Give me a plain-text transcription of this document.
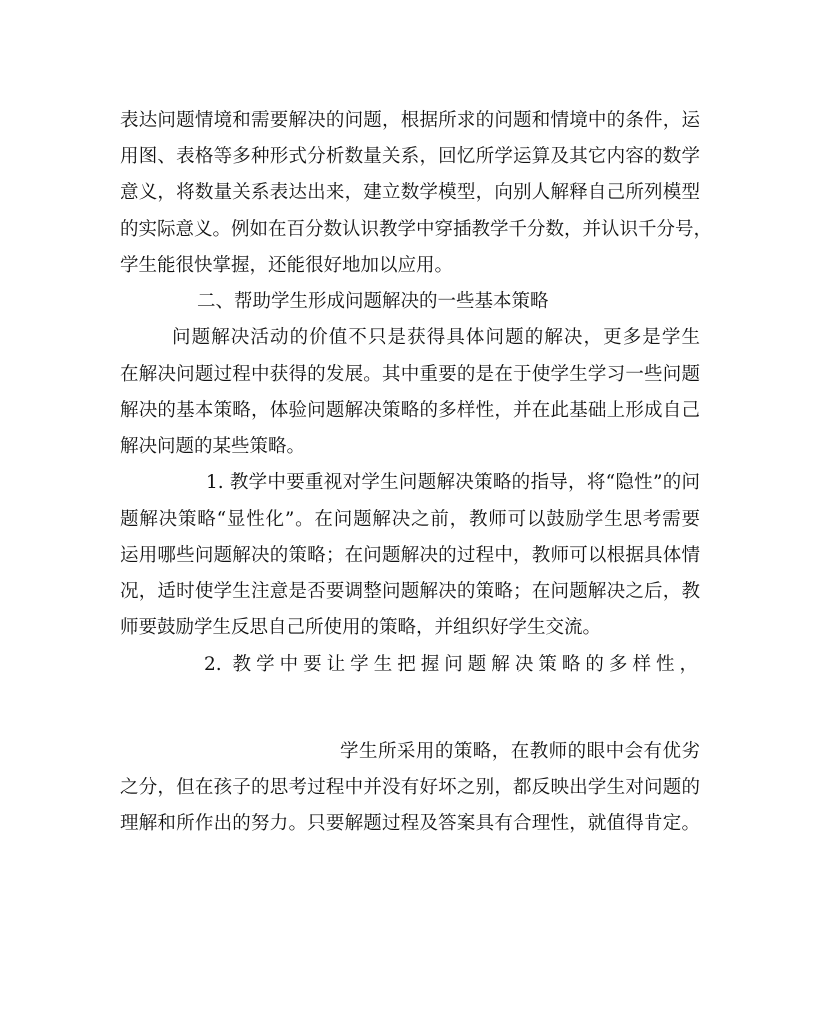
表达问题情境和需要解决的问题，根据所求的问题和情境中的条件，运
用图、表格等多种形式分析数量关系，回忆所学运算及其它内容的数学
意义，将数量关系表达出来，建立数学模型，向别人解释自己所列模型
的实际意义。例如在百分数认识教学中穿插教学千分数，并认识千分号，
学生能很快掌握，还能很好地加以应用。
二、帮助学生形成问题解决的一些基本策略
问题解决活动的价值不只是获得具体问题的解决，更多是学生
在解决问题过程中获得的发展。其中重要的是在于使学生学习一些问题
解决的基本策略，体验问题解决策略的多样性，并在此基础上形成自己
解决问题的某些策略。
1. 教学中要重视对学生问题解决策略的指导，将“隐性”的问
题解决策略“显性化”。在问题解决之前，教师可以鼓励学生思考需要
运用哪些问题解决的策略；在问题解决的过程中，教师可以根据具体情
况，适时使学生注意是否要调整问题解决的策略；在问题解决之后，教
师要鼓励学生反思自己所使用的策略，并组织好学生交流。
2. 教学中要让学生把握问题解决策略的多样性，
学生所采用的策略，在教师的眼中会有优劣
之分，但在孩子的思考过程中并没有好坏之别，都反映出学生对问题的
理解和所作出的努力。只要解题过程及答案具有合理性，就值得肯定。
